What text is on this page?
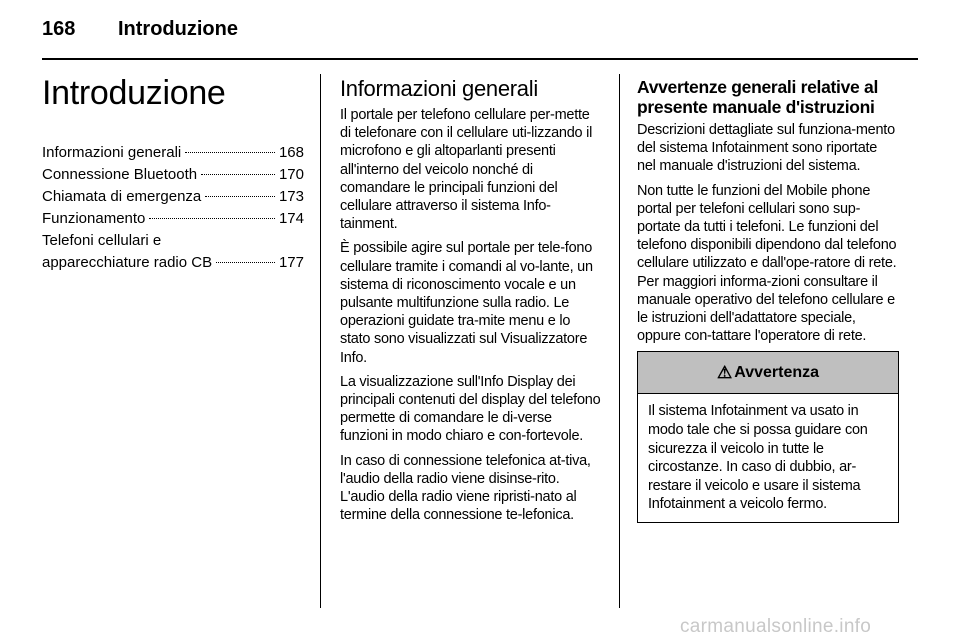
168 Introduzione
Introduzione
Informazioni generali	168
Connessione Bluetooth	170
Chiamata di emergenza	173
Funzionamento	174
Telefoni cellulari e
apparecchiature radio CB	177
Informazioni generali

Il portale per telefono cellulare per-mette di telefonare con il cellulare uti-lizzando il microfono e gli altoparlanti presenti all'interno del veicolo nonché di comandare le principali funzioni del cellulare attraverso il sistema Info-tainment.

È possibile agire sul portale per tele-fono cellulare tramite i comandi al vo-lante, un sistema di riconoscimento vocale e un pulsante multifunzione sulla radio. Le operazioni guidate tra-mite menu e lo stato sono visualizzati sul Visualizzatore Info.

La visualizzazione sull'Info Display dei principali contenuti del display del telefono permette di comandare le di-verse funzioni in modo chiaro e con-fortevole.

In caso di connessione telefonica at-tiva, l'audio della radio viene disinse-rito. L'audio della radio viene ripristi-nato al termine della connessione te-lefonica.

Avvertenze generali relative al presente manuale d'istruzioni

Descrizioni dettagliate sul funziona-mento del sistema Infotainment sono riportate nel manuale d'istruzioni del sistema.

Non tutte le funzioni del Mobile phone portal per telefoni cellulari sono sup-portate da tutti i telefoni. Le funzioni del telefono disponibili dipendono dal telefono cellulare utilizzato e dall'ope-ratore di rete. Per maggiori informa-zioni consultare il manuale operativo del telefono cellulare e le istruzioni dell'adattatore speciale, oppure con-tattare l'operatore di rete.

⚠ Avvertenza
Il sistema Infotainment va usato in modo tale che si possa guidare con sicurezza il veicolo in tutte le circostanze. In caso di dubbio, ar-restare il veicolo e usare il sistema Infotainment a veicolo fermo.
carmanualsonline.info
